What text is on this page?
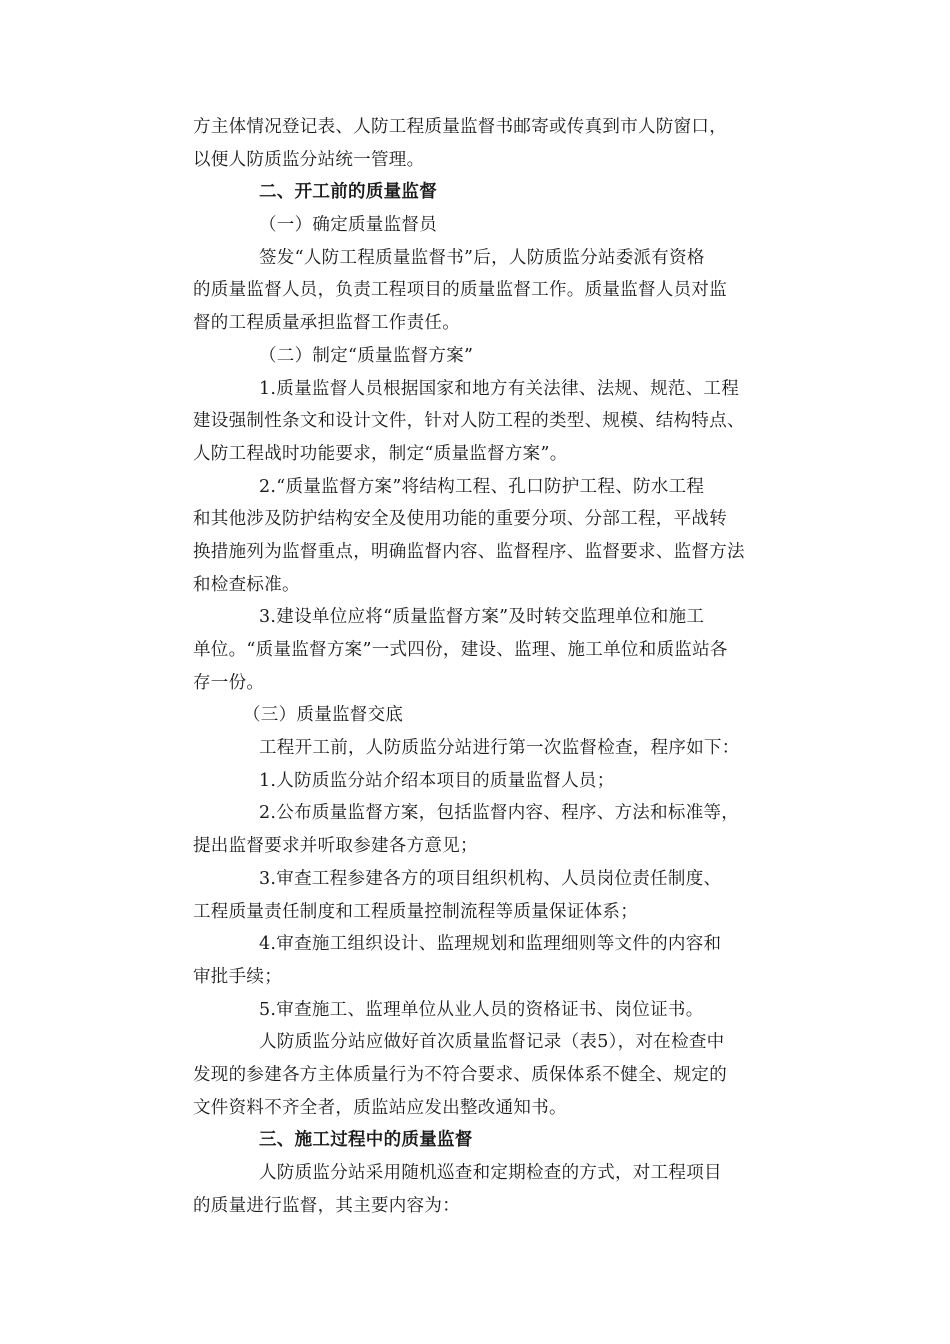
方主体情况登记表、人防工程质量监督书邮寄或传真到市人防窗口，
以便人防质监分站统一管理。
二、开工前的质量监督
（一）确定质量监督员
签发“人防工程质量监督书”后，人防质监分站委派有资格
的质量监督人员，负责工程项目的质量监督工作。质量监督人员对监
督的工程质量承担监督工作责任。
（二）制定“质量监督方案”
1.质量监督人员根据国家和地方有关法律、法规、规范、工程
建设强制性条文和设计文件，针对人防工程的类型、规模、结构特点、
人防工程战时功能要求，制定“质量监督方案”。
2.“质量监督方案”将结构工程、孔口防护工程、防水工程
和其他涉及防护结构安全及使用功能的重要分项、分部工程，平战转
换措施列为监督重点，明确监督内容、监督程序、监督要求、监督方法
和检查标准。
3.建设单位应将“质量监督方案”及时转交监理单位和施工
单位。“质量监督方案”一式四份，建设、监理、施工单位和质监站各
存一份。
（三）质量监督交底
工程开工前，人防质监分站进行第一次监督检查，程序如下：
1.人防质监分站介绍本项目的质量监督人员；
2.公布质量监督方案，包括监督内容、程序、方法和标准等，
提出监督要求并听取参建各方意见；
3.审查工程参建各方的项目组织机构、人员岗位责任制度、
工程质量责任制度和工程质量控制流程等质量保证体系；
4.审查施工组织设计、监理规划和监理细则等文件的内容和
审批手续；
5.审查施工、监理单位从业人员的资格证书、岗位证书。
人防质监分站应做好首次质量监督记录（表5），对在检查中
发现的参建各方主体质量行为不符合要求、质保体系不健全、规定的
文件资料不齐全者，质监站应发出整改通知书。
三、施工过程中的质量监督
人防质监分站采用随机巡查和定期检查的方式，对工程项目
的质量进行监督，其主要内容为：
